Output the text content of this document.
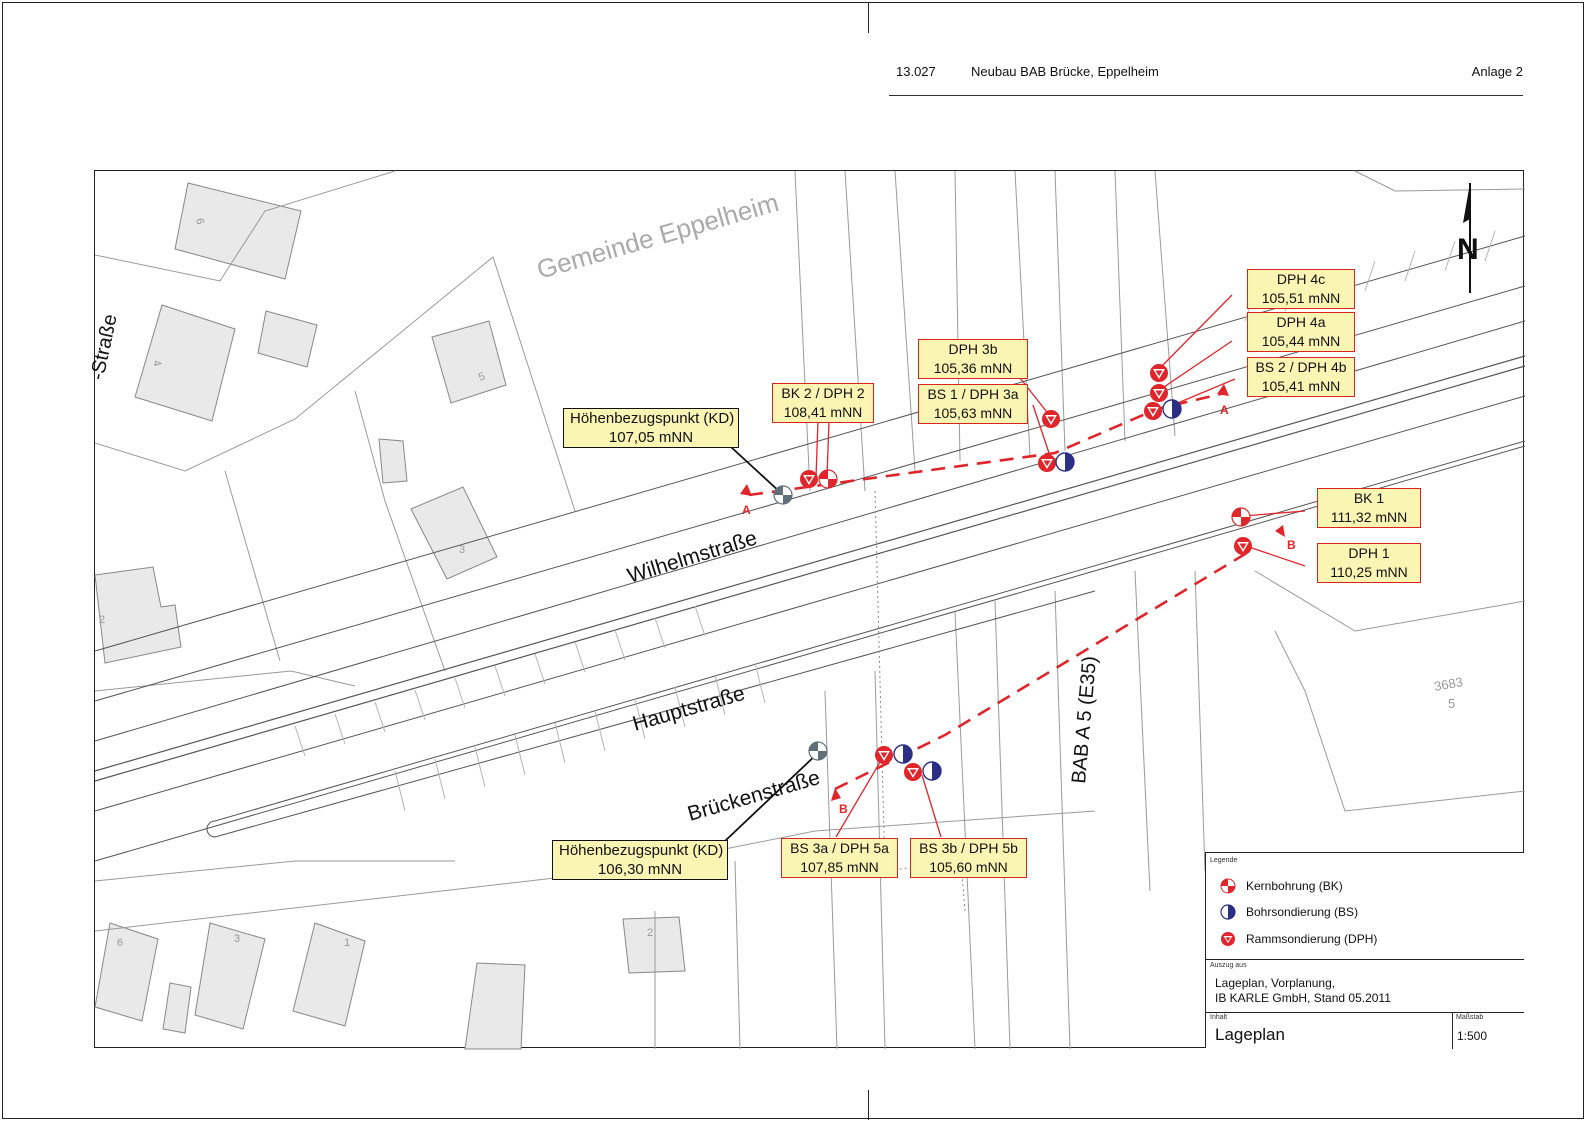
13.027	Neubau BAB Brücke, Eppelheim	Anlage 2
Gemeinde Eppelheim
-Straße
Wilhelmstraße
Hauptstraße
Brückenstraße
BAB A 5 (E35)
6
4
5
3
2
6	3	1
2
3683
5
A
A
B
B
N
Höhenbezugspunkt (KD)
107,05 mNN
Höhenbezugspunkt (KD)
106,30 mNN
BK 2 / DPH 2
108,41 mNN
DPH 3b
105,36 mNN
BS 1 / DPH 3a
105,63 mNN
DPH 4c
105,51 mNN
DPH 4a
105,44 mNN
BS 2 / DPH 4b
105,41 mNN
BK 1
111,32 mNN
DPH 1
110,25 mNN
BS 3a / DPH 5a
107,85 mNN
BS 3b / DPH 5b
105,60 mNN	Legende
Kernbohrung (BK)
Bohrsondierung (BS)
Rammsondierung (DPH)
Auszug aus
Lageplan, Vorplanung,
IB KARLE GmbH, Stand 05.2011
Inhalt
Lageplan
Maßstab
1:500
